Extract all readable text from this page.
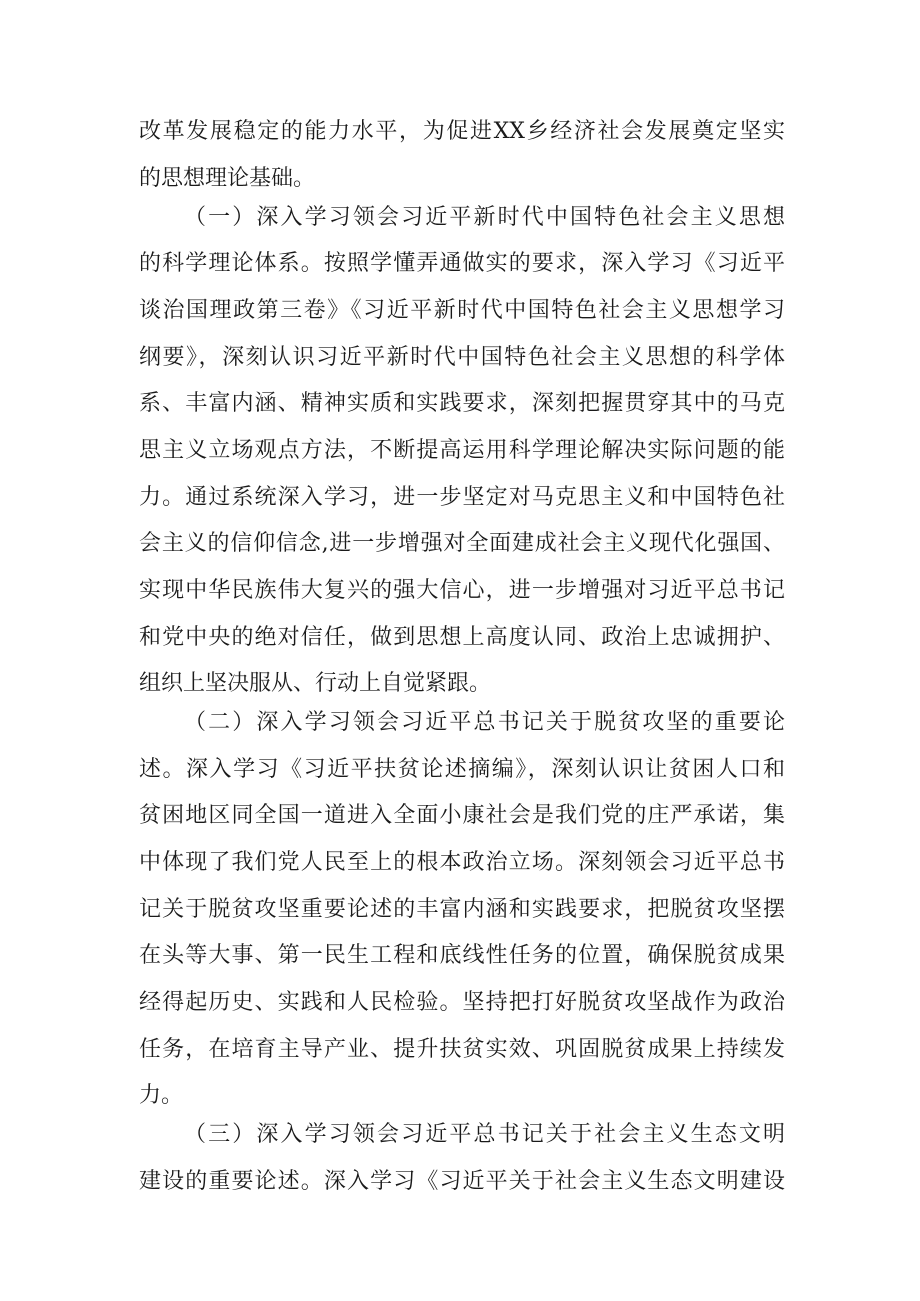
改革发展稳定的能力水平，为促进XX乡经济社会发展奠定坚实

的思想理论基础。

（一）深入学习领会习近平新时代中国特色社会主义思想

的科学理论体系。按照学懂弄通做实的要求，深入学习《习近平

谈治国理政第三卷》《习近平新时代中国特色社会主义思想学习

纲要》，深刻认识习近平新时代中国特色社会主义思想的科学体

系、丰富内涵、精神实质和实践要求，深刻把握贯穿其中的马克

思主义立场观点方法，不断提高运用科学理论解决实际问题的能

力。通过系统深入学习，进一步坚定对马克思主义和中国特色社

会主义的信仰信念,进一步增强对全面建成社会主义现代化强国、

实现中华民族伟大复兴的强大信心，进一步增强对习近平总书记

和党中央的绝对信任，做到思想上高度认同、政治上忠诚拥护、

组织上坚决服从、行动上自觉紧跟。

（二）深入学习领会习近平总书记关于脱贫攻坚的重要论

述。深入学习《习近平扶贫论述摘编》，深刻认识让贫困人口和

贫困地区同全国一道进入全面小康社会是我们党的庄严承诺，集

中体现了我们党人民至上的根本政治立场。深刻领会习近平总书

记关于脱贫攻坚重要论述的丰富内涵和实践要求，把脱贫攻坚摆

在头等大事、第一民生工程和底线性任务的位置，确保脱贫成果

经得起历史、实践和人民检验。坚持把打好脱贫攻坚战作为政治

任务，在培育主导产业、提升扶贫实效、巩固脱贫成果上持续发

力。

（三）深入学习领会习近平总书记关于社会主义生态文明

建设的重要论述。深入学习《习近平关于社会主义生态文明建设
